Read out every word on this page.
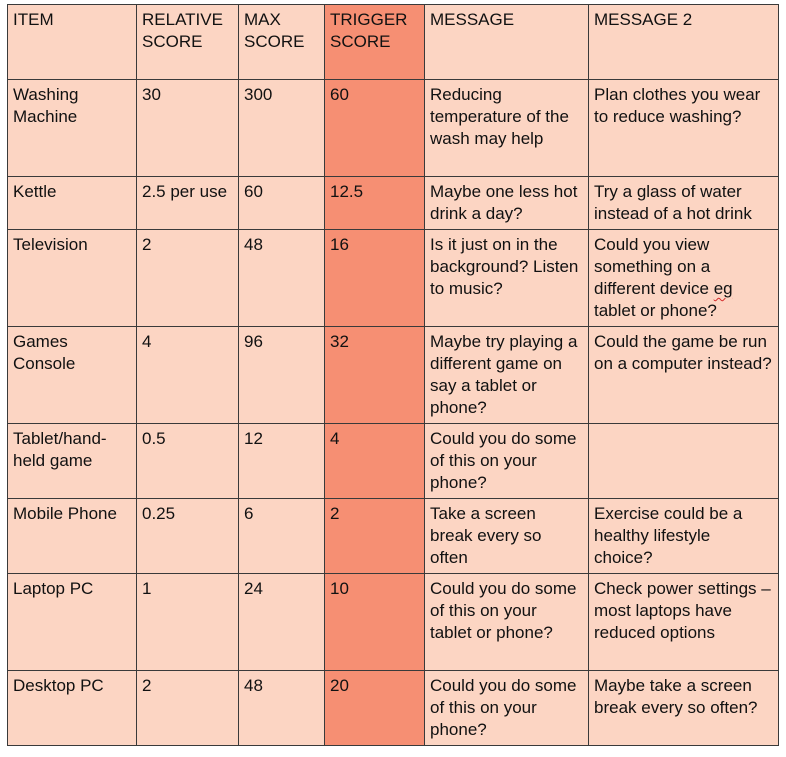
ITEM	RELATIVE SCORE	MAX SCORE	TRIGGER SCORE	MESSAGE	MESSAGE 2
Washing Machine	30	300	60	Reducing temperature of the wash may help	Plan clothes you wear to reduce washing?
Kettle	2.5 per use	60	12.5	Maybe one less hot drink a day?	Try a glass of water instead of a hot drink
Television	2	48	16	Is it just on in the background? Listen to music?	Could you view something on a different device eg tablet or phone?
Games Console	4	96	32	Maybe try playing a different game on say a tablet or phone?	Could the game be run on a computer instead?
Tablet/hand-held game	0.5	12	4	Could you do some of this on your phone?	
Mobile Phone	0.25	6	2	Take a screen break every so often	Exercise could be a healthy lifestyle choice?
Laptop PC	1	24	10	Could you do some of this on your tablet or phone?	Check power settings – most laptops have reduced options
Desktop PC	2	48	20	Could you do some of this on your phone?	Maybe take a screen break every so often?
